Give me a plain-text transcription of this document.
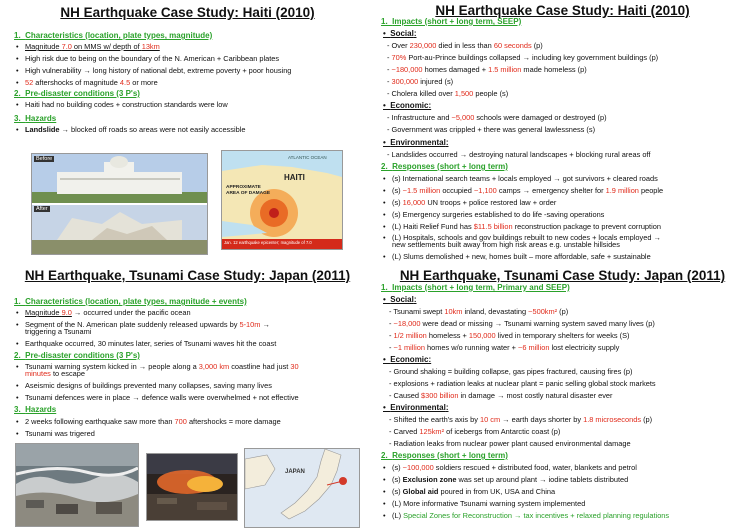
NH Earthquake Case Study: Haiti (2010)
1.  Characteristics (location, plate types, magnitude)
• Magnitude 7.0 on MMS w/ depth of 13km
• High risk due to being on the boundary of the N. American + Caribbean plates
• High vulnerability → long history of national debt, extreme poverty + poor housing
• 52 aftershocks of magnitude 4.5 or more
2.  Pre-disaster conditions (3 P's)
• Haiti had no building codes + construction standards were low
3.  Hazards
• Landslide → blocked off roads so areas were not easily accessible
Before
After
HAITI
ATLANTIC OCEAN
APPROXIMATE AREA OF DAMAGE
Jan. 12 earthquake epicenter; magnitude of 7.0
NH Earthquake Case Study: Haiti (2010)
1.  Impacts (short + long term, SEEP)
•  Social:
- Over 230,000 died in less than 60 seconds (p)
- 70% Port-au-Prince buildings collapsed → including key government buildings (p)
- ~180,000 homes damaged + 1.5 million made homeless (p)
- 300,000 injured (s)
- Cholera killed over 1,500 people (s)
•  Economic:
- Infrastructure and ~5,000 schools were damaged or destroyed (p)
- Government was crippled + there was general lawlessness (s)
•  Environmental:
- Landslides occurred → destroying natural landscapes + blocking rural areas off
2.  Responses (short + long term)
• (s) International search teams + locals employed → got survivors + cleared roads
• (s) ~1.5 million occupied ~1,100 camps → emergency shelter for 1.9 million people
• (s) 16,000 UN troops + police restored law + order
• (s) Emergency surgeries established to do life -saving operations
• (L) Haiti Relief Fund has $11.5 billion reconstruction package to prevent corruption
• (L) Hospitals, schools and gov buildings rebuilt to new codes + locals employed →
new settlements built away from high risk areas e.g. unstable hillsides
• (L) Slums demolished + new, homes built – more affordable, safe + sustainable
NH Earthquake, Tsunami Case Study: Japan (2011)
1.  Characteristics (location, plate types, magnitude + events)
• Magnitude 9.0 → occurred under the pacific ocean
• Segment of the N. American plate suddenly released upwards by 5-10m →
triggering a Tsunami
• Earthquake occurred, 30 minutes later, series of Tsunami waves hit the coast
2.  Pre-disaster conditions (3 P's)
• Tsunami warning system kicked in → people along a 3,000 km coastline had just 30
minutes to escape
• Aseismic designs of buildings prevented many collapses, saving many lives
• Tsunami defences were in place → defence walls were overwhelmed + not effective
3.  Hazards
• 2 weeks following earthquake saw more than 700 aftershocks = more damage
• Tsunami was trigered
JAPAN
NH Earthquake, Tsunami Case Study: Japan (2011)
1.  Impacts (short + long term, Primary and SEEP)
•  Social:
- Tsunami swept 10km inland, devastating ~500km² (p)
- ~18,000 were dead or missing → Tsunami warning system saved many lives (p)
- 1/2 million homeless + 150,000 lived in temporary shelters for weeks (S)
- ~1 million homes w/o running water + ~6 million lost electricity supply
•  Economic:
- Ground shaking = building collapse, gas pipes fractured, causing fires (p)
- explosions + radiation leaks at nuclear plant = panic selling global stock markets
- Caused $300 billion in damage → most costly natural disaster ever
•  Environmental:
- Shifted the earth's axis by 10 cm → earth days shorter by 1.8 microseconds (p)
- Carved 125km² of icebergs from Antarctic coast (p)
- Radiation leaks from nuclear power plant caused environmental damage
2.  Responses (short + long term)
• (s) ~100,000 soldiers rescued + distributed food, water, blankets and petrol
• (s) Exclusion zone was set up around plant → iodine tablets distributed
• (s) Global aid poured in from UK, USA and China
• (L) More informative Tsunami warning system implemented
• (L) Special Zones for Reconstruction → tax incentives + relaxed planning regulations
